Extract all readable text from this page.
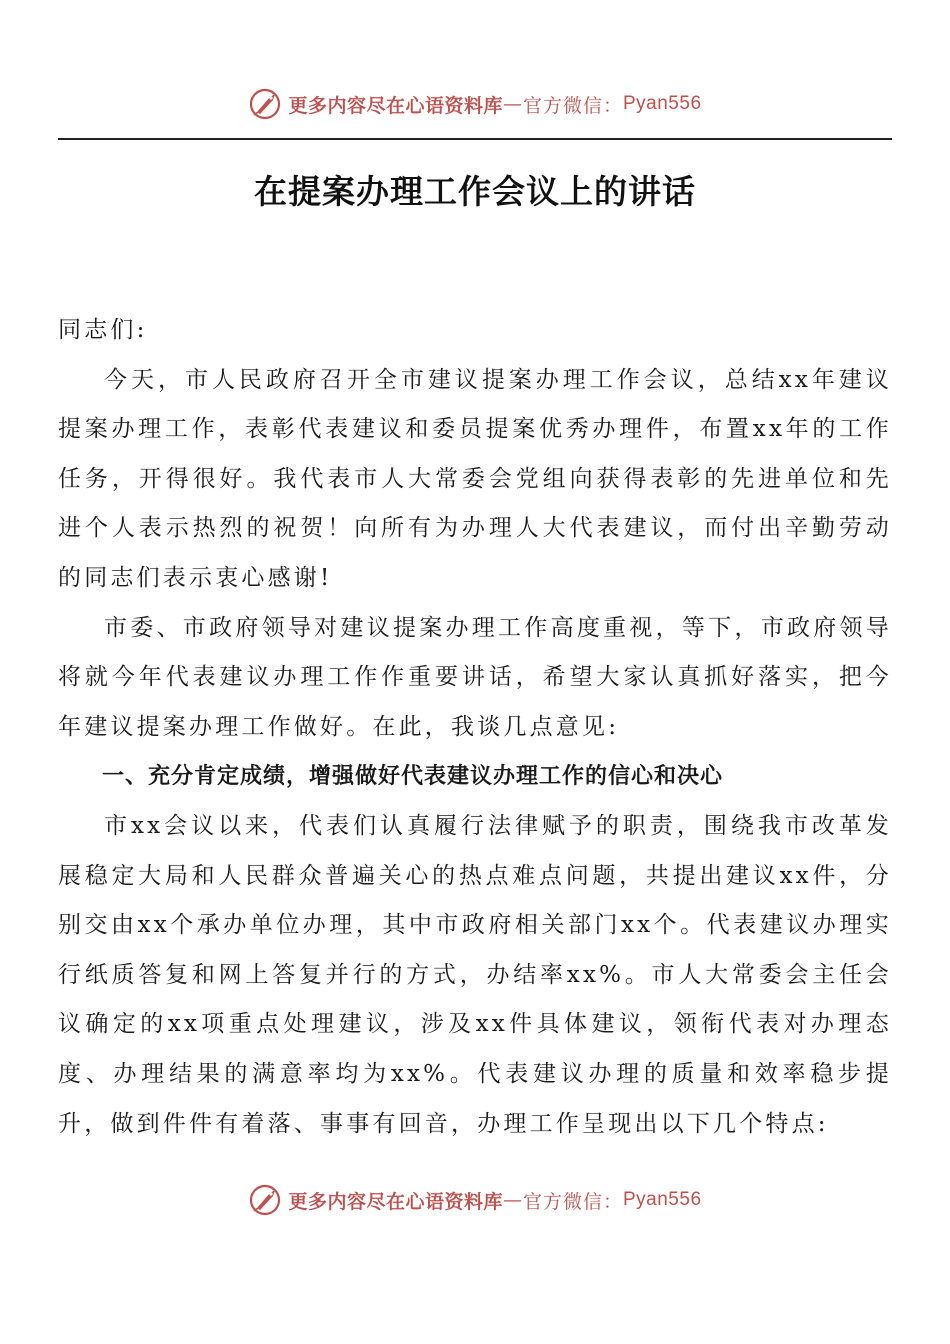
更多内容尽在心语资料库 — 官方微信： Pyan556
在提案办理工作会议上的讲话

同志们:

今天，市人民政府召开全市建议提案办理工作会议，总结xx年建议提案办理工作，表彰代表建议和委员提案优秀办理件，布置xx年的工作任务，开得很好。我代表市人大常委会党组向获得表彰的先进单位和先进个人表示热烈的祝贺！向所有为办理人大代表建议，而付出辛勤劳动的同志们表示衷心感谢!

市委、市政府领导对建议提案办理工作高度重视，等下，市政府领导将就今年代表建议办理工作作重要讲话，希望大家认真抓好落实，把今年建议提案办理工作做好。在此，我谈几点意见:

一、充分肯定成绩，增强做好代表建议办理工作的信心和决心

市xx会议以来，代表们认真履行法律赋予的职责，围绕我市改革发展稳定大局和人民群众普遍关心的热点难点问题，共提出建议xx件，分别交由xx个承办单位办理，其中市政府相关部门xx个。代表建议办理实行纸质答复和网上答复并行的方式，办结率xx%。市人大常委会主任会议确定的xx项重点处理建议，涉及xx件具体建议，领衔代表对办理态度、办理结果的满意率均为xx%。代表建议办理的质量和效率稳步提升，做到件件有着落、事事有回音，办理工作呈现出以下几个特点:

更多内容尽在心语资料库 — 官方微信： Pyan556
